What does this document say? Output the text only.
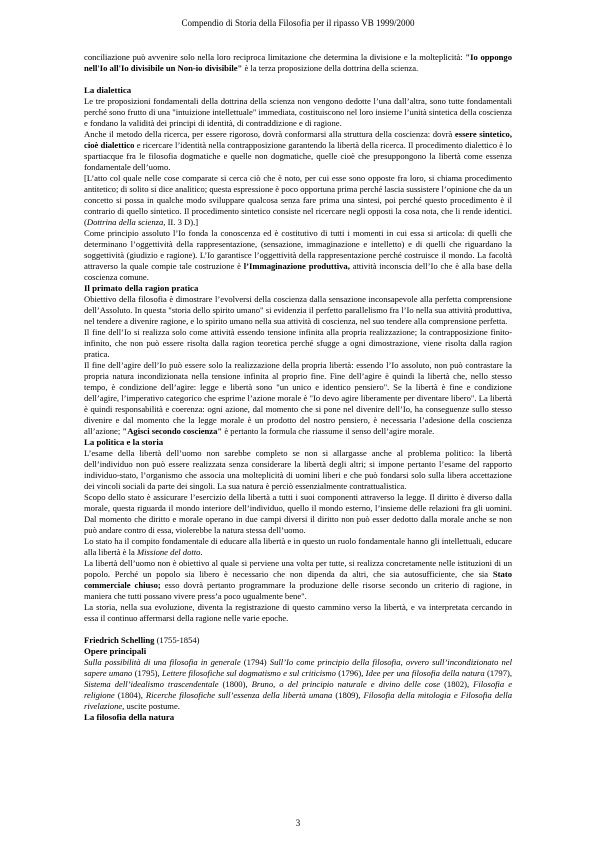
Compendio di Storia della Filosofia per il ripasso VB 1999/2000

conciliazione può avvenire solo nella loro reciproca limitazione che determina la divisione e la molteplicità: "Io oppongo nell'Io all'Io divisibile un Non-io divisibile" è la terza proposizione della dottrina della scienza.

La dialettica

Le tre proposizioni fondamentali della dottrina della scienza non vengono dedotte l’una dall’altra, sono tutte fondamentali perché sono frutto di una "intuizione intellettuale" immediata, costituiscono nel loro insieme l’unità sintetica della coscienza e fondano la validità dei principi di identità, di contraddizione e di ragione.

Anche il metodo della ricerca, per essere rigoroso, dovrà conformarsi alla struttura della coscienza: dovrà essere sintetico, cioè dialettico e ricercare l’identità nella contrapposizione garantendo la libertà della ricerca. Il procedimento dialettico è lo spartiacque fra le filosofia dogmatiche e quelle non dogmatiche, quelle cioè che presuppongono la libertà come essenza fondamentale dell’uomo.

[L’atto col quale nelle cose comparate si cerca ciò che è noto, per cui esse sono opposte fra loro, si chiama procedimento antitetico; di solito si dice analitico; questa espressione è poco opportuna prima perché lascia sussistere l’opinione che da un concetto si possa in qualche modo sviluppare qualcosa senza fare prima una sintesi, poi perché questo procedimento è il contrario di quello sintetico. Il procedimento sintetico consiste nel ricercare negli opposti la cosa nota, che li rende identici. (Dottrina della scienza, II. 3 D).]

Come principio assoluto l’Io fonda la conoscenza ed è costitutivo di tutti i momenti in cui essa si articola: di quelli che determinano l’oggettività della rappresentazione, (sensazione, immaginazione e intelletto) e di quelli che riguardano la soggettività (giudizio e ragione). L’Io garantisce l’oggettività della rappresentazione perché costruisce il mondo. La facoltà attraverso la quale compie tale costruzione è l’Immaginazione produttiva, attività inconscia dell’Io che è alla base della coscienza comune.

Il primato della ragion pratica

Obiettivo della filosofia è dimostrare l’evolversi della coscienza dalla sensazione inconsapevole alla perfetta comprensione dell’Assoluto. In questa "storia dello spirito umano" si evidenzia il perfetto parallelismo fra l’Io nella sua attività produttiva, nel tendere a divenire ragione, e lo spirito umano nella sua attività di coscienza, nel suo tendere alla comprensione perfetta.

Il fine dell’Io si realizza solo come attività essendo tensione infinita alla propria realizzazione; la contrapposizione finito-infinito, che non può essere risolta dalla ragion teoretica perché sfugge a ogni dimostrazione, viene risolta dalla ragion pratica.

Il fine dell’agire dell’Io può essere solo la realizzazione della propria libertà: essendo l’Io assoluto, non può contrastare la propria natura incondizionata nella tensione infinita al proprio fine. Fine dell’agire è quindi la libertà che, nello stesso tempo, è condizione dell’agire: legge e libertà sono "un unico e identico pensiero". Se la libertà è fine e condizione dell’agire, l’imperativo categorico che esprime l’azione morale è "Io devo agire liberamente per diventare libero". La libertà è quindi responsabilità e coerenza: ogni azione, dal momento che si pone nel divenire dell’Io, ha conseguenze sullo stesso divenire e dal momento che la legge morale è un prodotto del nostro pensiero, è necessaria l’adesione della coscienza all’azione; "Agisci secondo coscienza" è pertanto la formula che riassume il senso dell’agire morale.

La politica e la storia

L’esame della libertà dell’uomo non sarebbe completo se non si allargasse anche al problema politico: la libertà dell’individuo non può essere realizzata senza considerare la libertà degli altri; si impone pertanto l’esame del rapporto individuo-stato, l’organismo che associa una molteplicità di uomini liberi e che può fondarsi solo sulla libera accettazione dei vincoli sociali da parte dei singoli. La sua natura è perciò essenzialmente contrattualistica.

Scopo dello stato è assicurare l’esercizio della libertà a tutti i suoi componenti attraverso la legge. Il diritto è diverso dalla morale, questa riguarda il mondo interiore dell’individuo, quello il mondo esterno, l’insieme delle relazioni fra gli uomini. Dal momento che diritto e morale operano in due campi diversi il diritto non può esser dedotto dalla morale anche se non può andare contro di essa, violerebbe la natura stessa dell’uomo.

Lo stato ha il compito fondamentale di educare alla libertà e in questo un ruolo fondamentale hanno gli intellettuali, educare alla libertà è la Missione del dotto.

La libertà dell’uomo non è obiettivo al quale si perviene una volta per tutte, si realizza concretamente nelle istituzioni di un popolo. Perché un popolo sia libero è necessario che non dipenda da altri, che sia autosufficiente, che sia Stato commerciale chiuso; esso dovrà pertanto programmare la produzione delle risorse secondo un criterio di ragione, in maniera che tutti possano vivere press’a poco ugualmente bene".

La storia, nella sua evoluzione, diventa la registrazione di questo cammino verso la libertà, e va interpretata cercando in essa il continuo affermarsi della ragione nelle varie epoche.

Friedrich Schelling (1755-1854)

Opere principali

Sulla possibilità di una filosofia in generale (1794) Sull’Io come principio della filosofia, ovvero sull’incondizionato nel sapere umano (1795), Lettere filosofiche sul dogmatismo e sul criticismo (1796), Idee per una filosofia della natura (1797), Sistema dell’idealismo trascendentale (1800), Bruno, o del principio naturale e divino delle cose (1802), Filosofia e religione (1804), Ricerche filosofiche sull’essenza della libertà umana (1809), Filosofia della mitologia e Filosofia della rivelazione, uscite postume.

La filosofia della natura
3
